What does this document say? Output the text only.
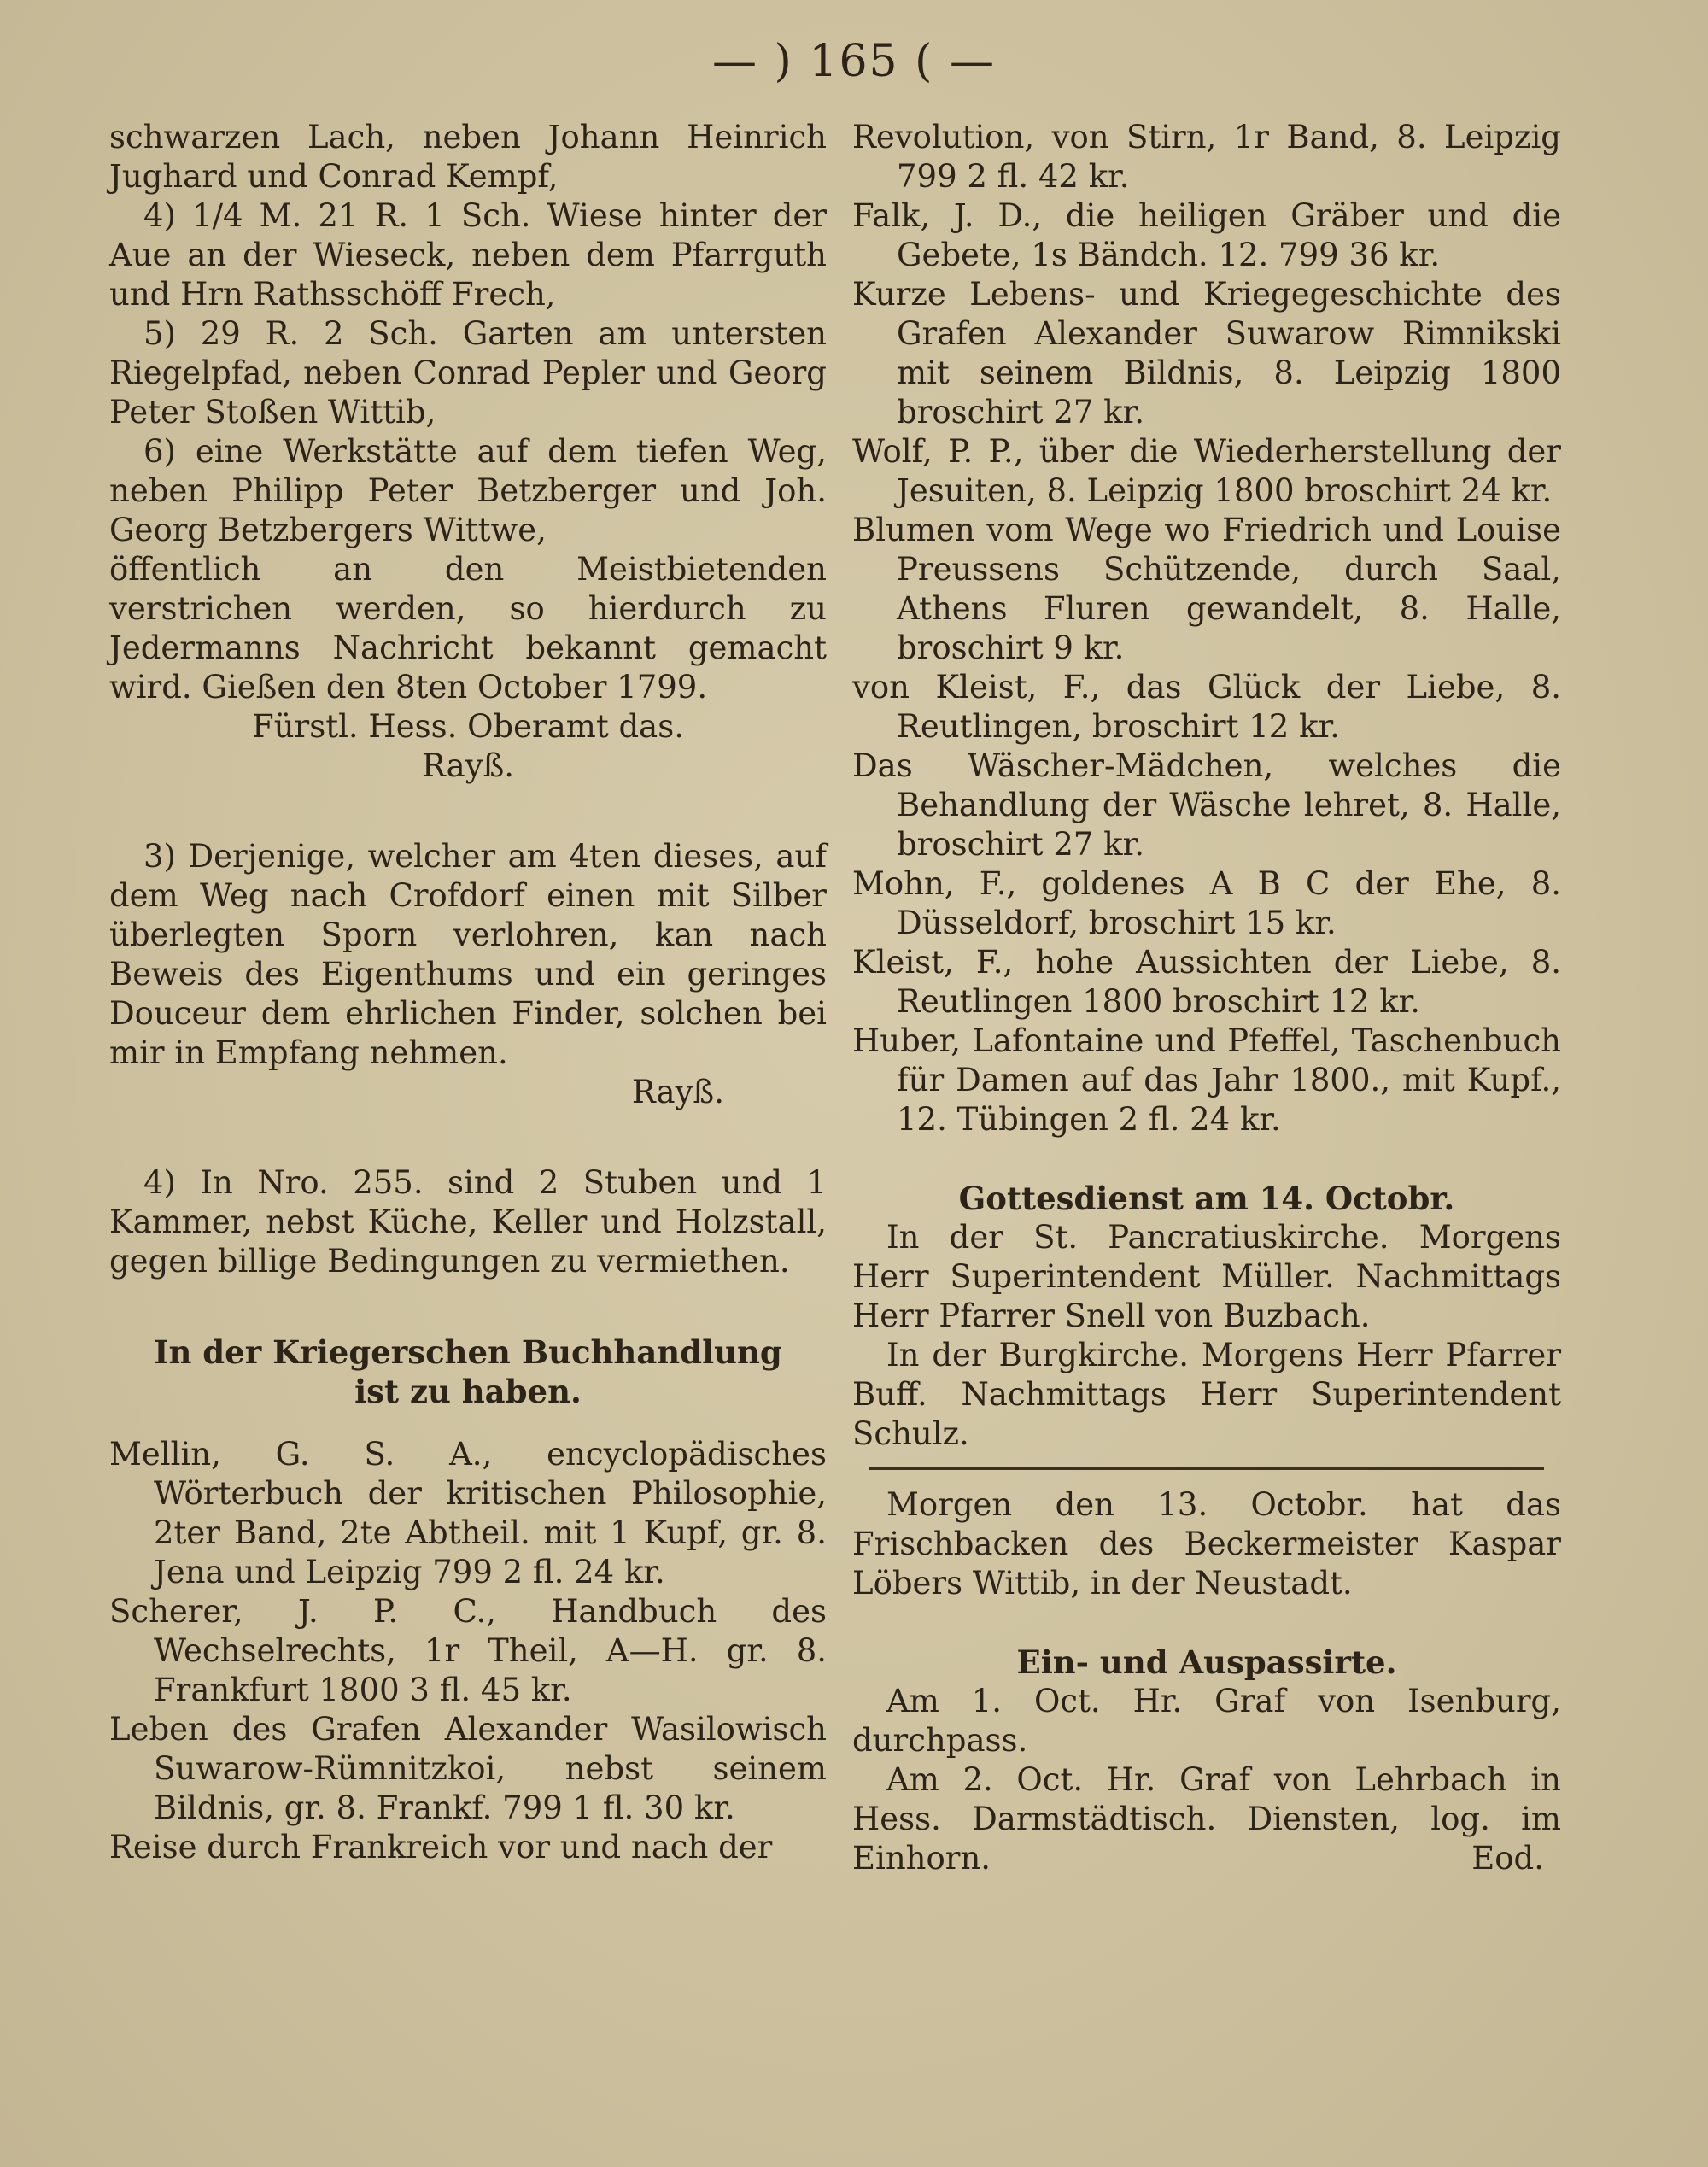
— ) 165 ( —

schwarzen Lach, neben Johann Heinrich Jughard und Conrad Kempf,

4) 1/4 M. 21 R. 1 Sch. Wiese hinter der Aue an der Wieseck, neben dem Pfarrguth und Hrn Rathsschöff Frech,

5) 29 R. 2 Sch. Garten am untersten Riegelpfad, neben Conrad Pepler und Georg Peter Stoßen Wittib,

6) eine Werkstätte auf dem tiefen Weg, neben Philipp Peter Betzberger und Joh. Georg Betzbergers Wittwe,

öffentlich an den Meistbietenden verstrichen werden, so hierdurch zu Jedermanns Nachricht bekannt gemacht wird. Gießen den 8ten October 1799.

Fürstl. Hess. Oberamt das.

Rayß.

3) Derjenige, welcher am 4ten dieses, auf dem Weg nach Crofdorf einen mit Silber überlegten Sporn verlohren, kan nach Beweis des Eigenthums und ein geringes Douceur dem ehrlichen Finder, solchen bei mir in Empfang nehmen.

Rayß.

4) In Nro. 255. sind 2 Stuben und 1 Kammer, nebst Küche, Keller und Holzstall, gegen billige Bedingungen zu vermiethen.

In der Kriegerschen Buchhandlung

ist zu haben.

Mellin, G. S. A., encyclopädisches Wörterbuch der kritischen Philosophie, 2ter Band, 2te Abtheil. mit 1 Kupf, gr. 8. Jena und Leipzig 799 2 fl. 24 kr.

Scherer, J. P. C., Handbuch des Wechselrechts, 1r Theil, A—H. gr. 8. Frankfurt 1800 3 fl. 45 kr.

Leben des Grafen Alexander Wasilowisch Suwarow-Rümnitzkoi, nebst seinem Bildnis, gr. 8. Frankf. 799 1 fl. 30 kr.

Reise durch Frankreich vor und nach der

Revolution, von Stirn, 1r Band, 8. Leipzig 799 2 fl. 42 kr.

Falk, J. D., die heiligen Gräber und die Gebete, 1s Bändch. 12. 799 36 kr.

Kurze Lebens- und Kriegegeschichte des Grafen Alexander Suwarow Rimnikski mit seinem Bildnis, 8. Leipzig 1800 broschirt 27 kr.

Wolf, P. P., über die Wiederherstellung der Jesuiten, 8. Leipzig 1800 broschirt 24 kr.

Blumen vom Wege wo Friedrich und Louise Preussens Schützende, durch Saal, Athens Fluren gewandelt, 8. Halle, broschirt 9 kr.

von Kleist, F., das Glück der Liebe, 8. Reutlingen, broschirt 12 kr.

Das Wäscher-Mädchen, welches die Behandlung der Wäsche lehret, 8. Halle, broschirt 27 kr.

Mohn, F., goldenes A B C der Ehe, 8. Düsseldorf, broschirt 15 kr.

Kleist, F., hohe Aussichten der Liebe, 8. Reutlingen 1800 broschirt 12 kr.

Huber, Lafontaine und Pfeffel, Taschenbuch für Damen auf das Jahr 1800., mit Kupf., 12. Tübingen 2 fl. 24 kr.

Gottesdienst am 14. Octobr.

In der St. Pancratiuskirche. Morgens Herr Superintendent Müller. Nachmittags Herr Pfarrer Snell von Buzbach.

In der Burgkirche. Morgens Herr Pfarrer Buff. Nachmittags Herr Superintendent Schulz.

Morgen den 13. Octobr. hat das Frischbacken des Beckermeister Kaspar Löbers Wittib, in der Neustadt.

Ein- und Auspassirte.

Am 1. Oct. Hr. Graf von Isenburg, durchpass.

Am 2. Oct. Hr. Graf von Lehrbach in Hess. Darmstädtisch. Diensten, log. im Einhorn.	Eod.
